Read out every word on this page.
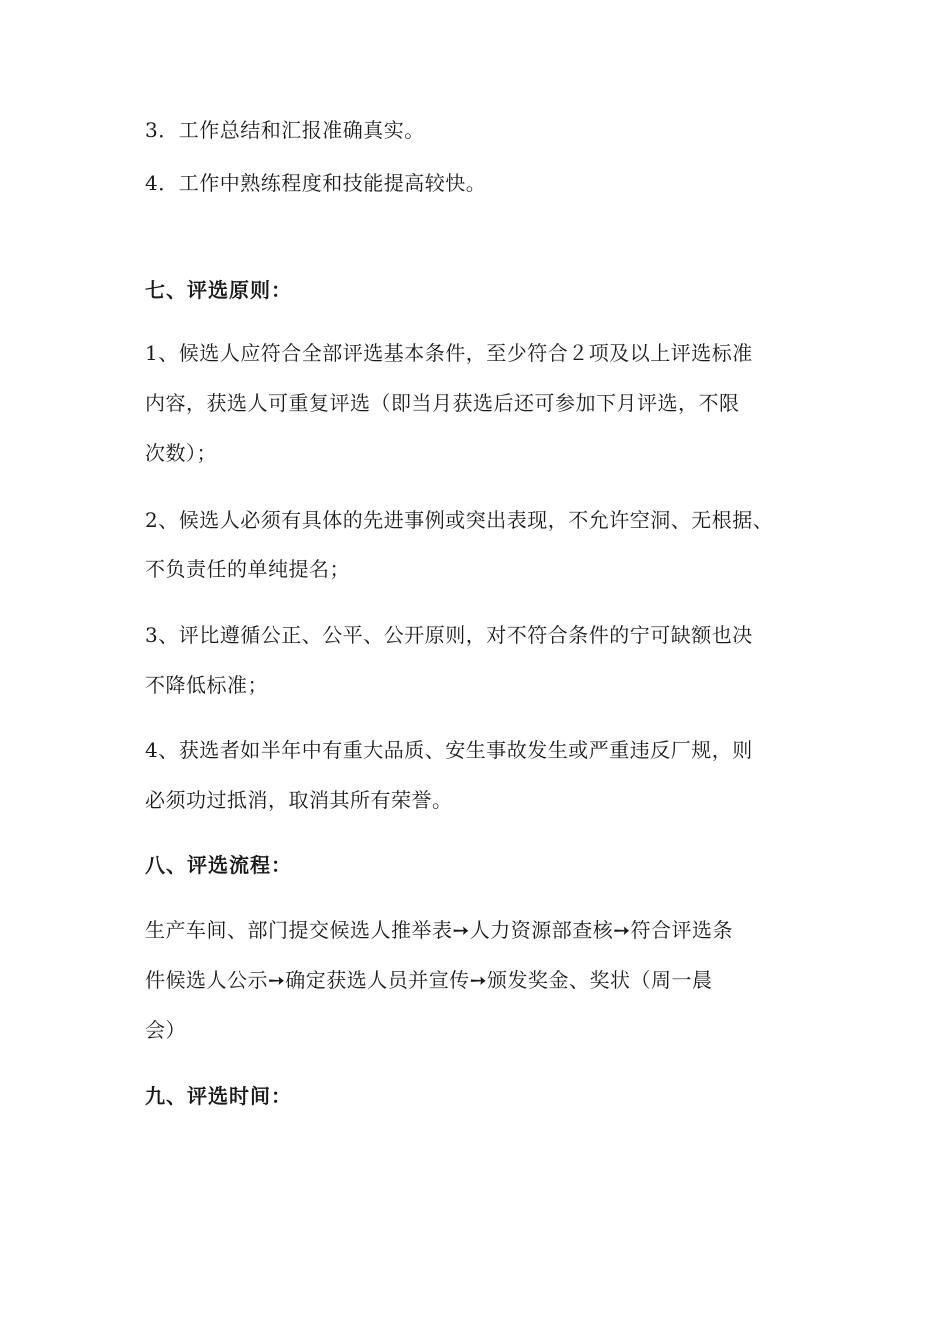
3．工作总结和汇报准确真实。
4．工作中熟练程度和技能提高较快。
七、评选原则：
1、候选人应符合全部评选基本条件，至少符合２项及以上评选标准
内容，获选人可重复评选（即当月获选后还可参加下月评选，不限
次数）；
2、候选人必须有具体的先进事例或突出表现，不允许空洞、无根据、
不负责任的单纯提名；
3、评比遵循公正、公平、公开原则，对不符合条件的宁可缺额也决
不降低标准；
4、获选者如半年中有重大品质、安生事故发生或严重违反厂规，则
必须功过抵消，取消其所有荣誉。
八、评选流程：
生产车间、部门提交候选人推举表➙人力资源部查核➙符合评选条
件候选人公示➙确定获选人员并宣传➙颁发奖金、奖状（周一晨
会）
九、评选时间：
